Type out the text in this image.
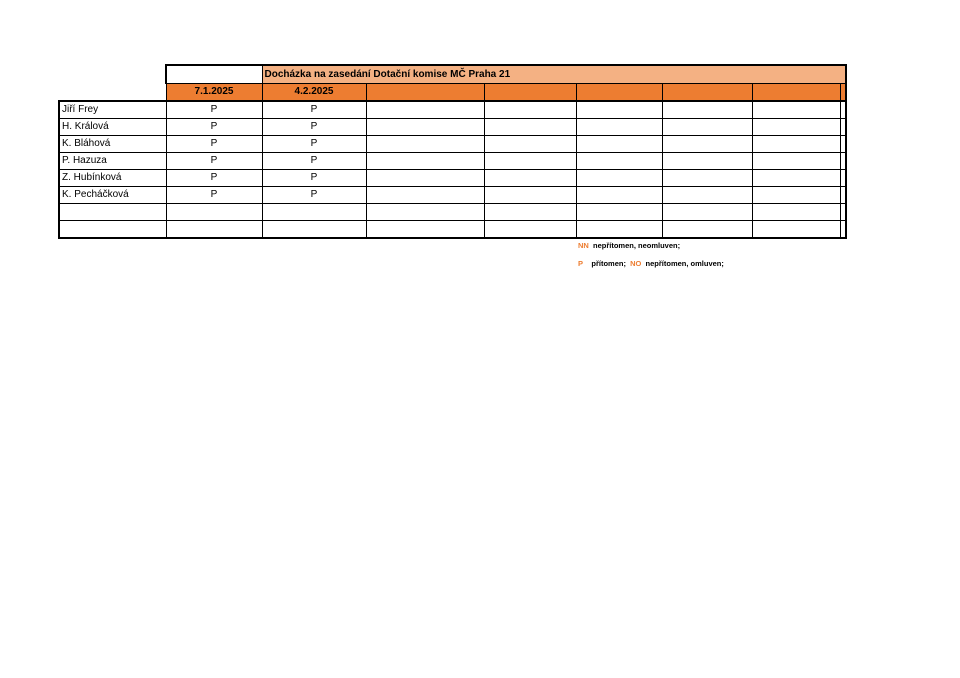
		Docházka na zasedání Dotační komise MČ Praha 21						
	7.1.2025	4.2.2025						
Jiří Frey	P	P						
H. Králová	P	P						
K. Bláhová	P	P						
P. Hazuza	P	P						
Z. Hubínková	P	P						
K. Pecháčková	P	P						

NN nepřítomen, neomluven;
P přítomen; NO nepřítomen, omluven;
